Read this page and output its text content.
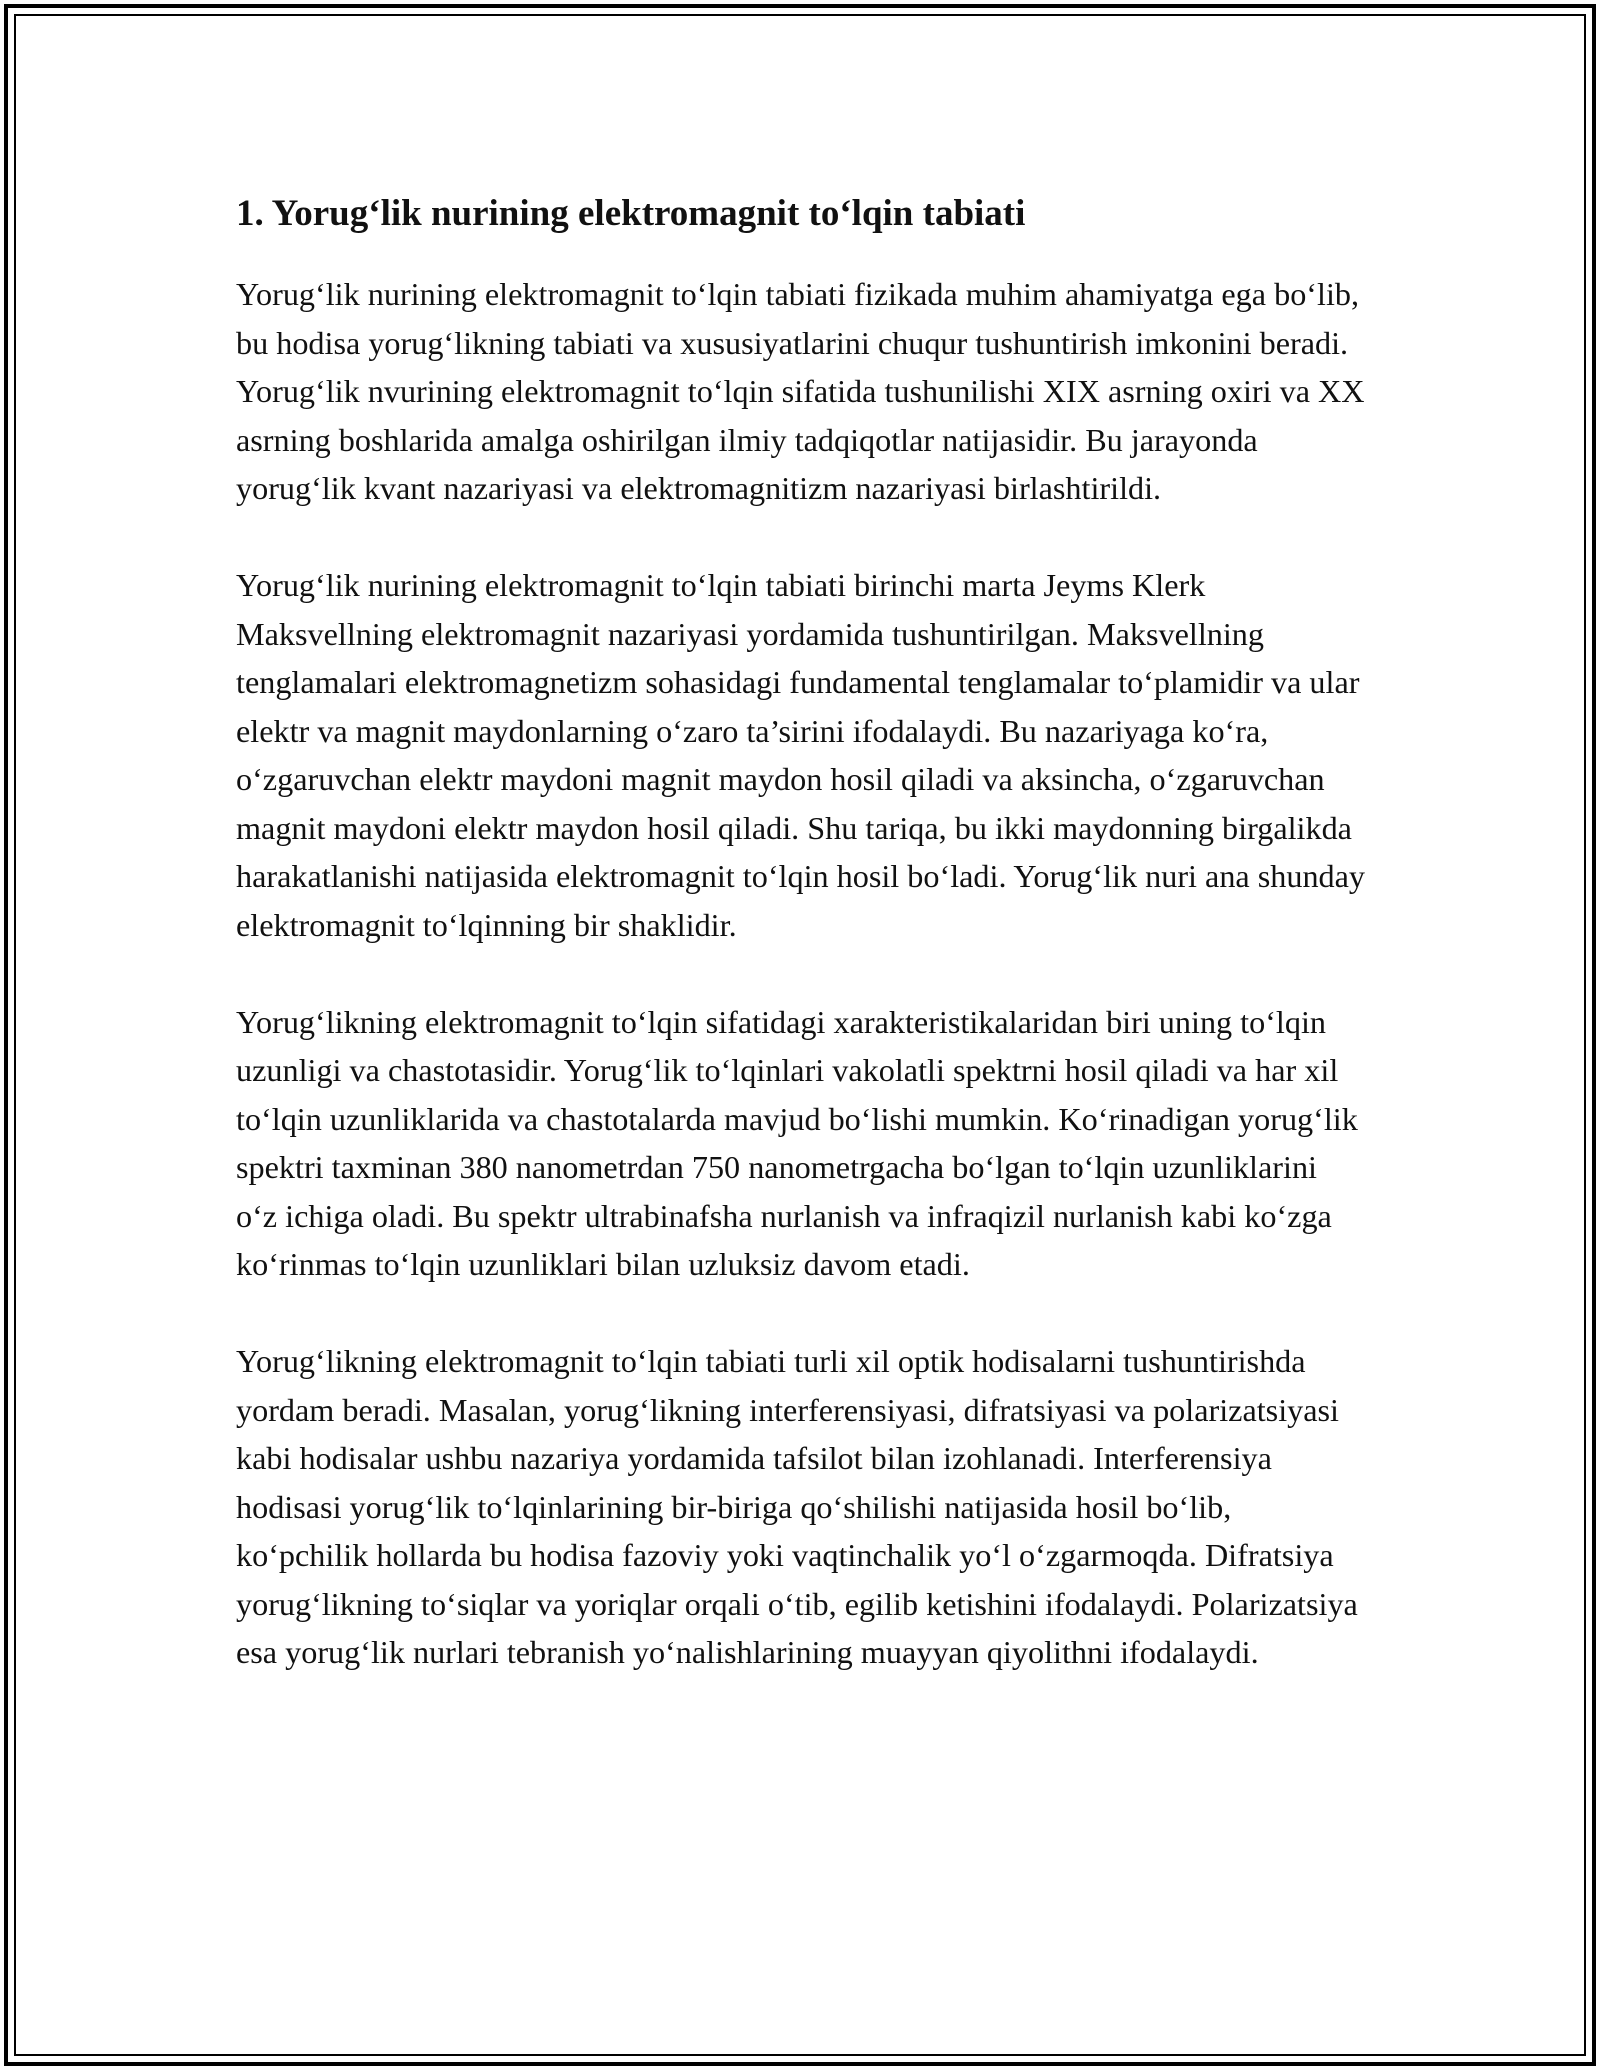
1. Yorug‘lik nurining elektromagnit to‘lqin tabiati

Yorug‘lik nurining elektromagnit to‘lqin tabiati fizikada muhim ahamiyatga ega bo‘lib, bu hodisa yorug‘likning tabiati va xususiyatlarini chuqur tushuntirish imkonini beradi. Yorug‘lik nvurining elektromagnit to‘lqin sifatida tushunilishi XIX asrning oxiri va XX asrning boshlarida amalga oshirilgan ilmiy tadqiqotlar natijasidir. Bu jarayonda yorug‘lik kvant nazariyasi va elektromagnitizm nazariyasi birlashtirildi.

Yorug‘lik nurining elektromagnit to‘lqin tabiati birinchi marta Jeyms Klerk Maksvellning elektromagnit nazariyasi yordamida tushuntirilgan. Maksvellning tenglamalari elektromagnetizm sohasidagi fundamental tenglamalar to‘plamidir va ular elektr va magnit maydonlarning o‘zaro ta’sirini ifodalaydi. Bu nazariyaga ko‘ra, o‘zgaruvchan elektr maydoni magnit maydon hosil qiladi va aksincha, o‘zgaruvchan magnit maydoni elektr maydon hosil qiladi. Shu tariqa, bu ikki maydonning birgalikda harakatlanishi natijasida elektromagnit to‘lqin hosil bo‘ladi. Yorug‘lik nuri ana shunday elektromagnit to‘lqinning bir shaklidir.

Yorug‘likning elektromagnit to‘lqin sifatidagi xarakteristikalaridan biri uning to‘lqin uzunligi va chastotasidir. Yorug‘lik to‘lqinlari vakolatli spektrni hosil qiladi va har xil to‘lqin uzunliklarida va chastotalarda mavjud bo‘lishi mumkin. Ko‘rinadigan yorug‘lik spektri taxminan 380 nanometrdan 750 nanometrgacha bo‘lgan to‘lqin uzunliklarini o‘z ichiga oladi. Bu spektr ultrabinafsha nurlanish va infraqizil nurlanish kabi ko‘zga ko‘rinmas to‘lqin uzunliklari bilan uzluksiz davom etadi.

Yorug‘likning elektromagnit to‘lqin tabiati turli xil optik hodisalarni tushuntirishda yordam beradi. Masalan, yorug‘likning interferensiyasi, difratsiyasi va polarizatsiyasi kabi hodisalar ushbu nazariya yordamida tafsilot bilan izohlanadi. Interferensiya hodisasi yorug‘lik to‘lqinlarining bir-biriga qo‘shilishi natijasida hosil bo‘lib, ko‘pchilik hollarda bu hodisa fazoviy yoki vaqtinchalik yo‘l o‘zgarmoqda. Difratsiya yorug‘likning to‘siqlar va yoriqlar orqali o‘tib, egilib ketishini ifodalaydi. Polarizatsiya esa yorug‘lik nurlari tebranish yo‘nalishlarining muayyan qiyolithni ifodalaydi.
